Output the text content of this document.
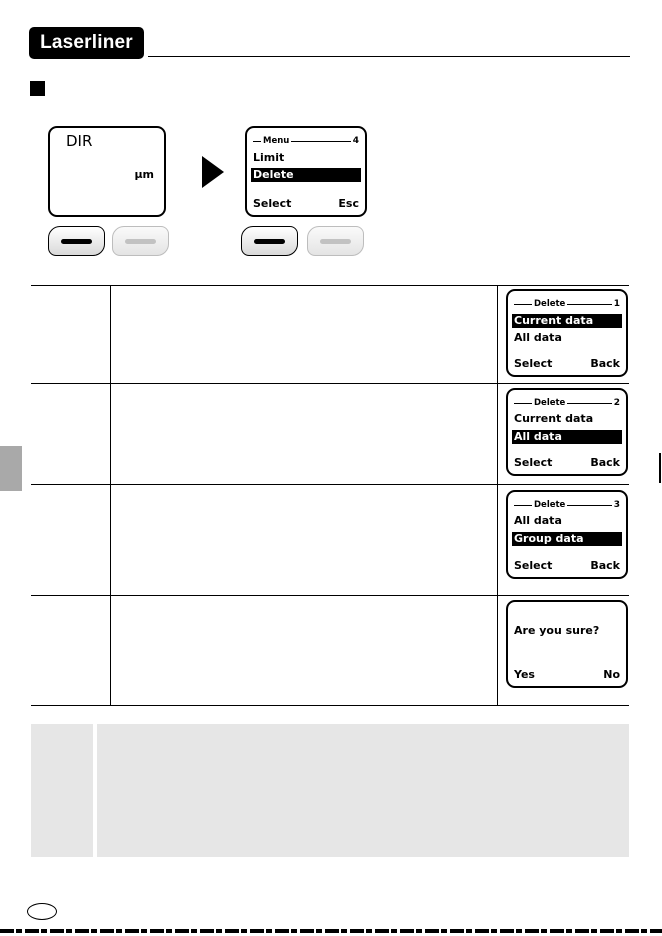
Laserliner
DIR
µm
Menu	4
Limit
Delete
Select	Esc
Delete	1
Current data
All data
Select	Back
Delete	2
Current data
All data
Select	Back
Delete	3
All data
Group data
Select	Back
Are you sure?
Yes	No
